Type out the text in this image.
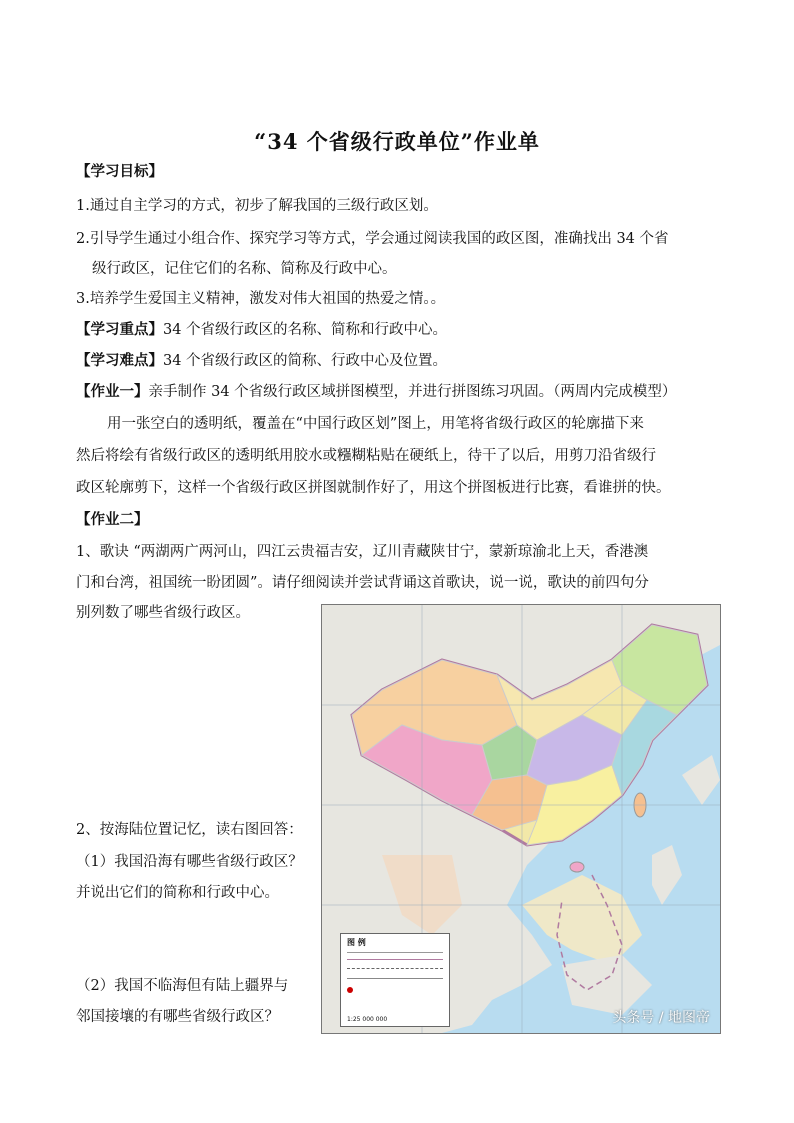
“34 个省级行政单位”作业单
【学习目标】
1.通过自主学习的方式，初步了解我国的三级行政区划。
2.引导学生通过小组合作、探究学习等方式，学会通过阅读我国的政区图，准确找出 34 个省
级行政区，记住它们的名称、简称及行政中心。
3.培养学生爱国主义精神，激发对伟大祖国的热爱之情。。
【学习重点】34 个省级行政区的名称、简称和行政中心。
【学习难点】34 个省级行政区的简称、行政中心及位置。
【作业一】亲手制作 34 个省级行政区域拼图模型，并进行拼图练习巩固。（两周内完成模型）
用一张空白的透明纸，覆盖在“中国行政区划”图上，用笔将省级行政区的轮廓描下来
然后将绘有省级行政区的透明纸用胶水或糨糊粘贴在硬纸上，待干了以后，用剪刀沿省级行
政区轮廓剪下，这样一个省级行政区拼图就制作好了，用这个拼图板进行比赛，看谁拼的快。
【作业二】
1、歌诀 “两湖两广两河山，四江云贵福吉安，辽川青藏陕甘宁，蒙新琼渝北上天，香港澳
门和台湾，祖国统一盼团圆”。请仔细阅读并尝试背诵这首歌诀，说一说，歌诀的前四句分
别列数了哪些省级行政区。
2、按海陆位置记忆，读右图回答：
（1）我国沿海有哪些省级行政区？
并说出它们的简称和行政中心。
（2）我国不临海但有陆上疆界与
邻国接壤的有哪些省级行政区？
图 例
1:25 000 000	头条号 / 地图帝
